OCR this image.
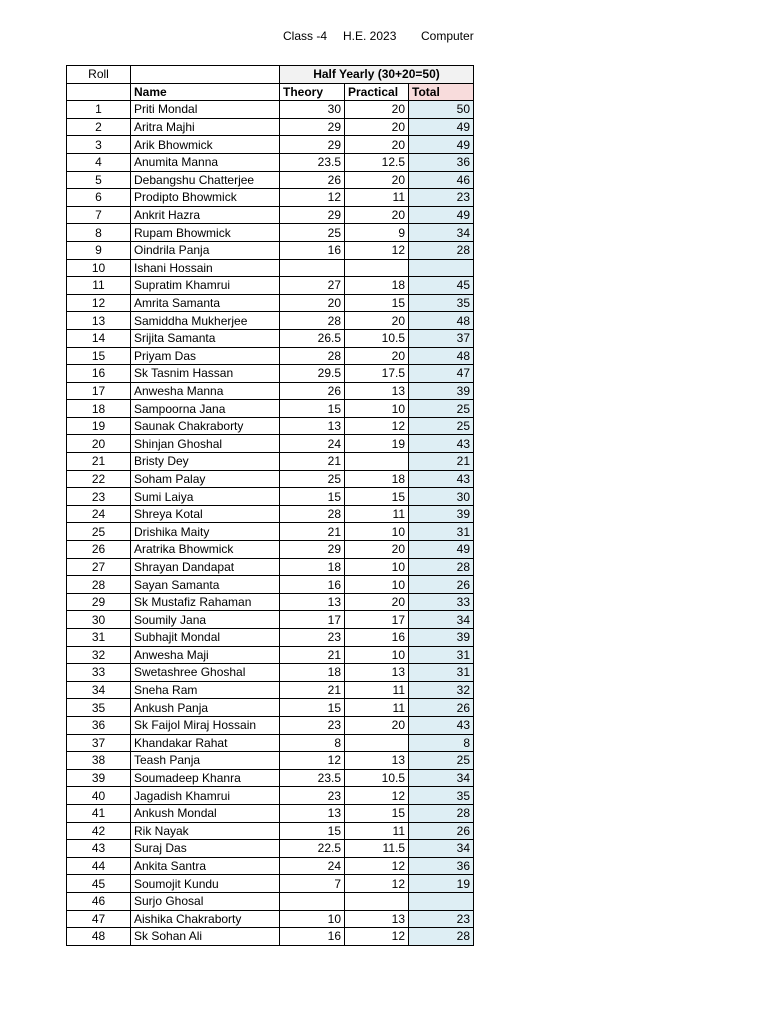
Class -4 H.E. 2023 Computer
Roll		Half Yearly (30+20=50)		
	Name	Theory	Practical	Total
1	Priti Mondal	30	20	50
2	Aritra Majhi	29	20	49
3	Arik Bhowmick	29	20	49
4	Anumita Manna	23.5	12.5	36
5	Debangshu Chatterjee	26	20	46
6	Prodipto Bhowmick	12	11	23
7	Ankrit Hazra	29	20	49
8	Rupam Bhowmick	25	9	34
9	Oindrila Panja	16	12	28
10	Ishani Hossain			
11	Supratim Khamrui	27	18	45
12	Amrita Samanta	20	15	35
13	Samiddha Mukherjee	28	20	48
14	Srijita Samanta	26.5	10.5	37
15	Priyam Das	28	20	48
16	Sk Tasnim Hassan	29.5	17.5	47
17	Anwesha Manna	26	13	39
18	Sampoorna Jana	15	10	25
19	Saunak Chakraborty	13	12	25
20	Shinjan Ghoshal	24	19	43
21	Bristy Dey	21		21
22	Soham Palay	25	18	43
23	Sumi Laiya	15	15	30
24	Shreya Kotal	28	11	39
25	Drishika Maity	21	10	31
26	Aratrika Bhowmick	29	20	49
27	Shrayan Dandapat	18	10	28
28	Sayan Samanta	16	10	26
29	Sk Mustafiz Rahaman	13	20	33
30	Soumily Jana	17	17	34
31	Subhajit Mondal	23	16	39
32	Anwesha Maji	21	10	31
33	Swetashree Ghoshal	18	13	31
34	Sneha Ram	21	11	32
35	Ankush Panja	15	11	26
36	Sk Faijol Miraj Hossain	23	20	43
37	Khandakar Rahat	8		8
38	Teash Panja	12	13	25
39	Soumadeep Khanra	23.5	10.5	34
40	Jagadish Khamrui	23	12	35
41	Ankush Mondal	13	15	28
42	Rik Nayak	15	11	26
43	Suraj Das	22.5	11.5	34
44	Ankita Santra	24	12	36
45	Soumojit Kundu	7	12	19
46	Surjo Ghosal			
47	Aishika Chakraborty	10	13	23
48	Sk Sohan Ali	16	12	28
